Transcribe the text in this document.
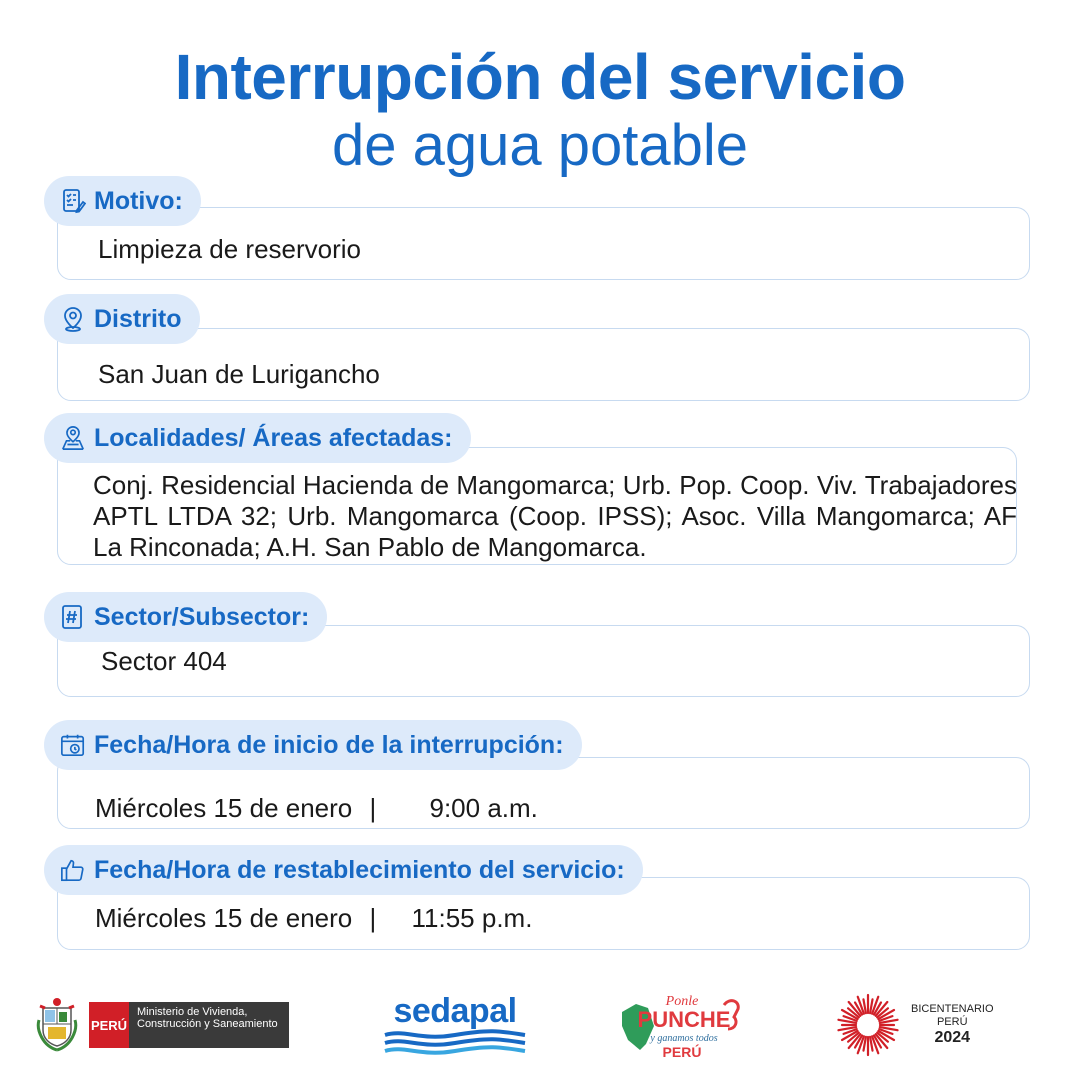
Interrupción del servicio
de agua potable
Limpieza de reservorio
Motivo:
San Juan de Lurigancho
Distrito
Conj. Residencial Hacienda de Mangomarca; Urb. Pop. Coop. Viv. Trabajadores APTL LTDA 32; Urb. Mangomarca (Coop. IPSS); Asoc. Villa Mangomarca; AF La Rinconada; A.H. San Pablo de Mangomarca.
Localidades/ Áreas afectadas:
Sector 404
Sector/Subsector:
Miércoles 15 de enero | 9:00 a.m.
Fecha/Hora de inicio de la interrupción:
Miércoles 15 de enero | 11:55 p.m.
Fecha/Hora de restablecimiento del servicio:
PERÚ
Ministerio de Vivienda, Construcción y Saneamiento	sedapal	Ponle
PUNCHE
y ganamos todos
PERÚ
BICENTENARIO
PERÚ
2024
